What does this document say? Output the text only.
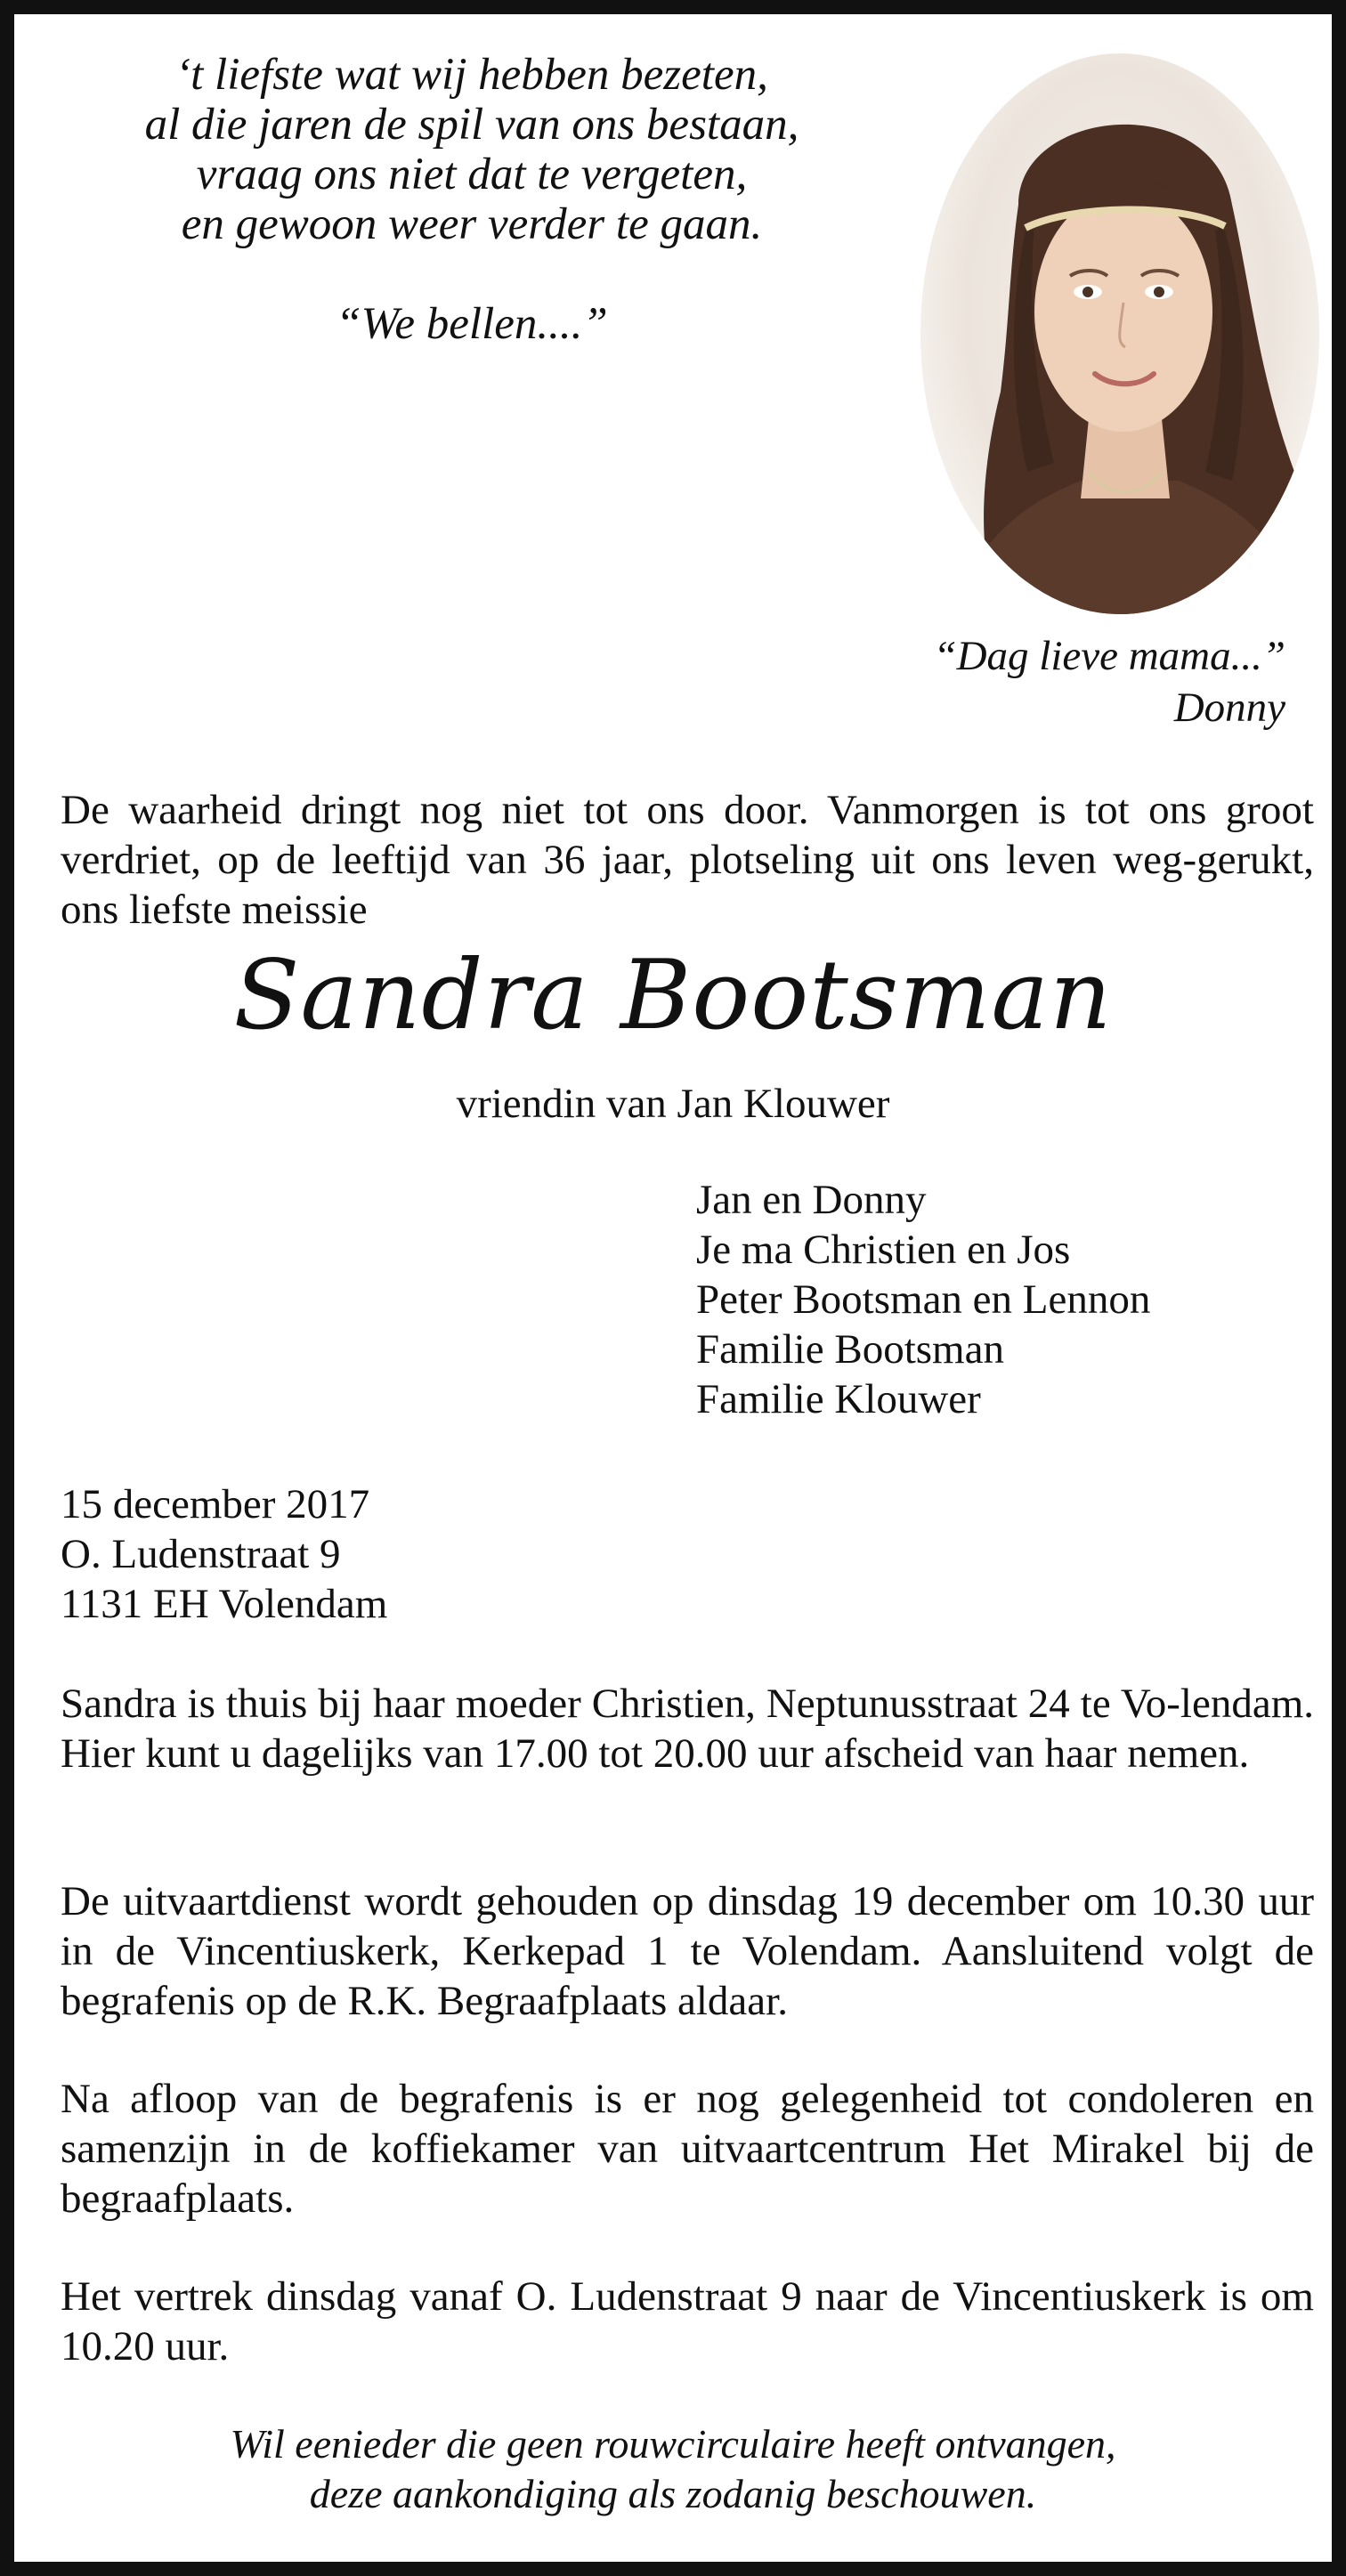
‘t liefste wat wij hebben bezeten,
al die jaren de spil van ons bestaan,
vraag ons niet dat te vergeten,
en gewoon weer verder te gaan.
“We bellen....”
“Dag lieve mama...”
Donny

De waarheid dringt nog niet tot ons door. Vanmorgen is tot ons groot verdriet, op de leeftijd van 36 jaar, plotseling uit ons leven weg-gerukt, ons liefste meissie

Sandra Bootsman
vriendin van Jan Klouwer
Jan en Donny
Je ma Christien en Jos
Peter Bootsman en Lennon
Familie Bootsman
Familie Klouwer
15 december 2017
O. Ludenstraat 9
1131 EH Volendam

Sandra is thuis bij haar moeder Christien, Neptunusstraat 24 te Vo-lendam. Hier kunt u dagelijks van 17.00 tot 20.00 uur afscheid van haar nemen.

De uitvaartdienst wordt gehouden op dinsdag 19 december om 10.30 uur in de Vincentiuskerk, Kerkepad 1 te Volendam. Aansluitend volgt de begrafenis op de R.K. Begraafplaats aldaar.

Na afloop van de begrafenis is er nog gelegenheid tot condoleren en samenzijn in de koffiekamer van uitvaartcentrum Het Mirakel bij de begraafplaats.

Het vertrek dinsdag vanaf O. Ludenstraat 9 naar de Vincentiuskerk is om 10.20 uur.

Wil eenieder die geen rouwcirculaire heeft ontvangen,
deze aankondiging als zodanig beschouwen.
